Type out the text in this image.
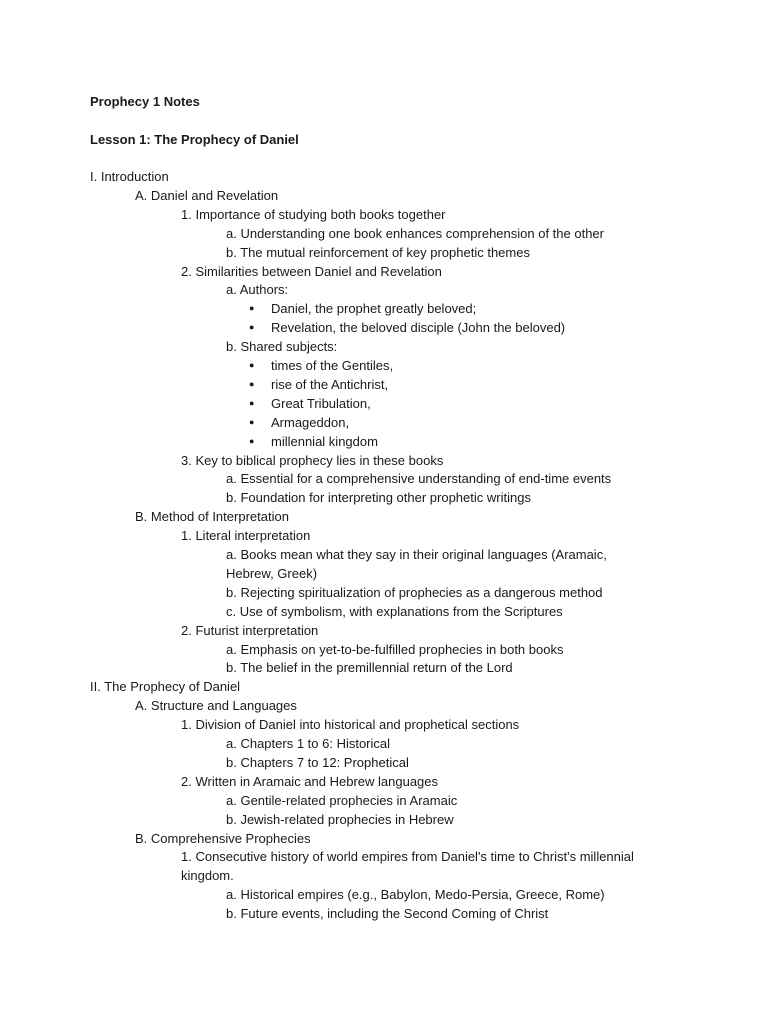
Prophecy 1 Notes
Lesson 1: The Prophecy of Daniel
I. Introduction
A. Daniel and Revelation
1. Importance of studying both books together
a. Understanding one book enhances comprehension of the other
b. The mutual reinforcement of key prophetic themes
2. Similarities between Daniel and Revelation
a. Authors:
● Daniel, the prophet greatly beloved;
● Revelation, the beloved disciple (John the beloved)
b. Shared subjects:
● times of the Gentiles,
● rise of the Antichrist,
● Great Tribulation,
● Armageddon,
● millennial kingdom
3. Key to biblical prophecy lies in these books
a. Essential for a comprehensive understanding of end-time events
b. Foundation for interpreting other prophetic writings
B. Method of Interpretation
1. Literal interpretation
a. Books mean what they say in their original languages (Aramaic,
Hebrew, Greek)
b. Rejecting spiritualization of prophecies as a dangerous method
c. Use of symbolism, with explanations from the Scriptures
2. Futurist interpretation
a. Emphasis on yet-to-be-fulfilled prophecies in both books
b. The belief in the premillennial return of the Lord
II. The Prophecy of Daniel
A. Structure and Languages
1. Division of Daniel into historical and prophetical sections
a. Chapters 1 to 6: Historical
b. Chapters 7 to 12: Prophetical
2. Written in Aramaic and Hebrew languages
a. Gentile-related prophecies in Aramaic
b. Jewish-related prophecies in Hebrew
B. Comprehensive Prophecies
1. Consecutive history of world empires from Daniel's time to Christ's millennial
kingdom.
a. Historical empires (e.g., Babylon, Medo-Persia, Greece, Rome)
b. Future events, including the Second Coming of Christ
